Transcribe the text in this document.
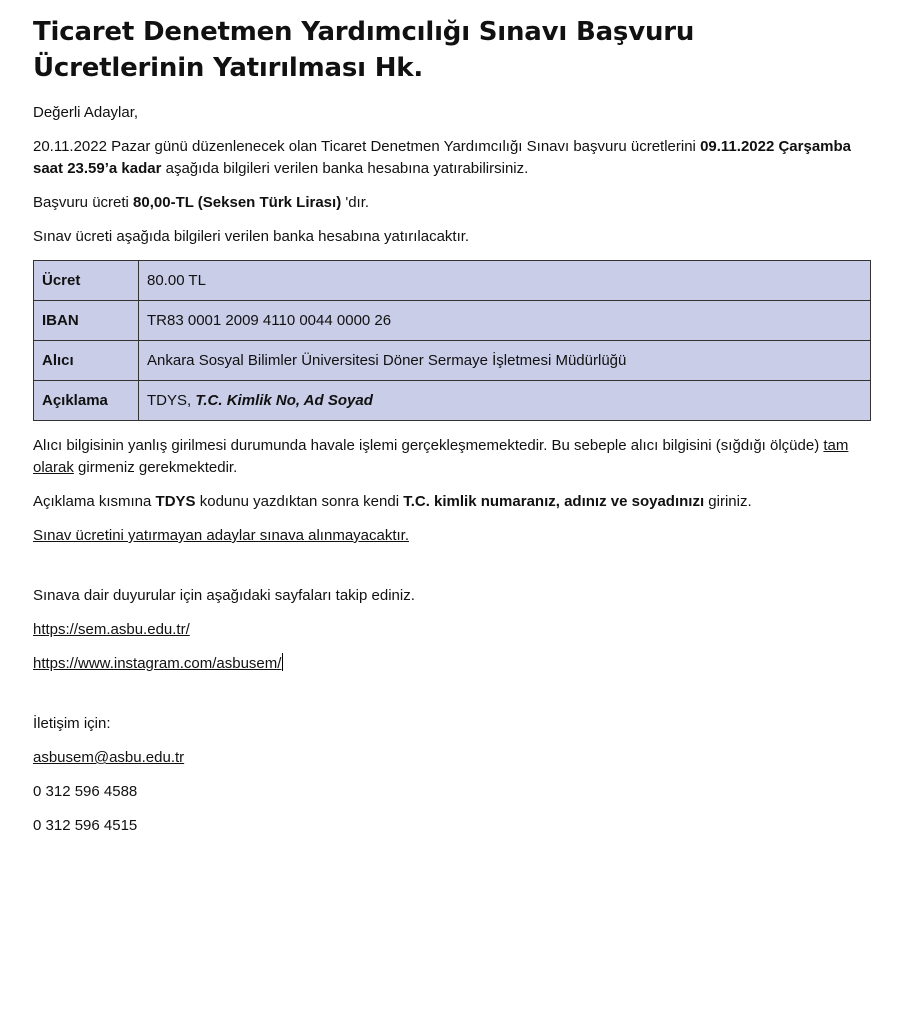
Ticaret Denetmen Yardımcılığı Sınavı Başvuru Ücretlerinin Yatırılması Hk.

Değerli Adaylar,

20.11.2022 Pazar günü düzenlenecek olan Ticaret Denetmen Yardımcılığı Sınavı başvuru ücretlerini 09.11.2022 Çarşamba saat 23.59’a kadar aşağıda bilgileri verilen banka hesabına yatırabilirsiniz.

Başvuru ücreti 80,00-TL (Seksen Türk Lirası) 'dır.

Sınav ücreti aşağıda bilgileri verilen banka hesabına yatırılacaktır.

Ücret	80.00 TL
IBAN	TR83 0001 2009 4110 0044 0000 26
Alıcı	Ankara Sosyal Bilimler Üniversitesi Döner Sermaye İşletmesi Müdürlüğü
Açıklama	TDYS, T.C. Kimlik No, Ad Soyad

Alıcı bilgisinin yanlış girilmesi durumunda havale işlemi gerçekleşmemektedir. Bu sebeple alıcı bilgisini (sığdığı ölçüde) tam olarak girmeniz gerekmektedir.

Açıklama kısmına TDYS kodunu yazdıktan sonra kendi T.C. kimlik numaranız, adınız ve soyadınızı giriniz.

Sınav ücretini yatırmayan adaylar sınava alınmayacaktır.

Sınava dair duyurular için aşağıdaki sayfaları takip ediniz.

https://sem.asbu.edu.tr/

https://www.instagram.com/asbusem/

İletişim için:

asbusem@asbu.edu.tr

0 312 596 4588

0 312 596 4515
